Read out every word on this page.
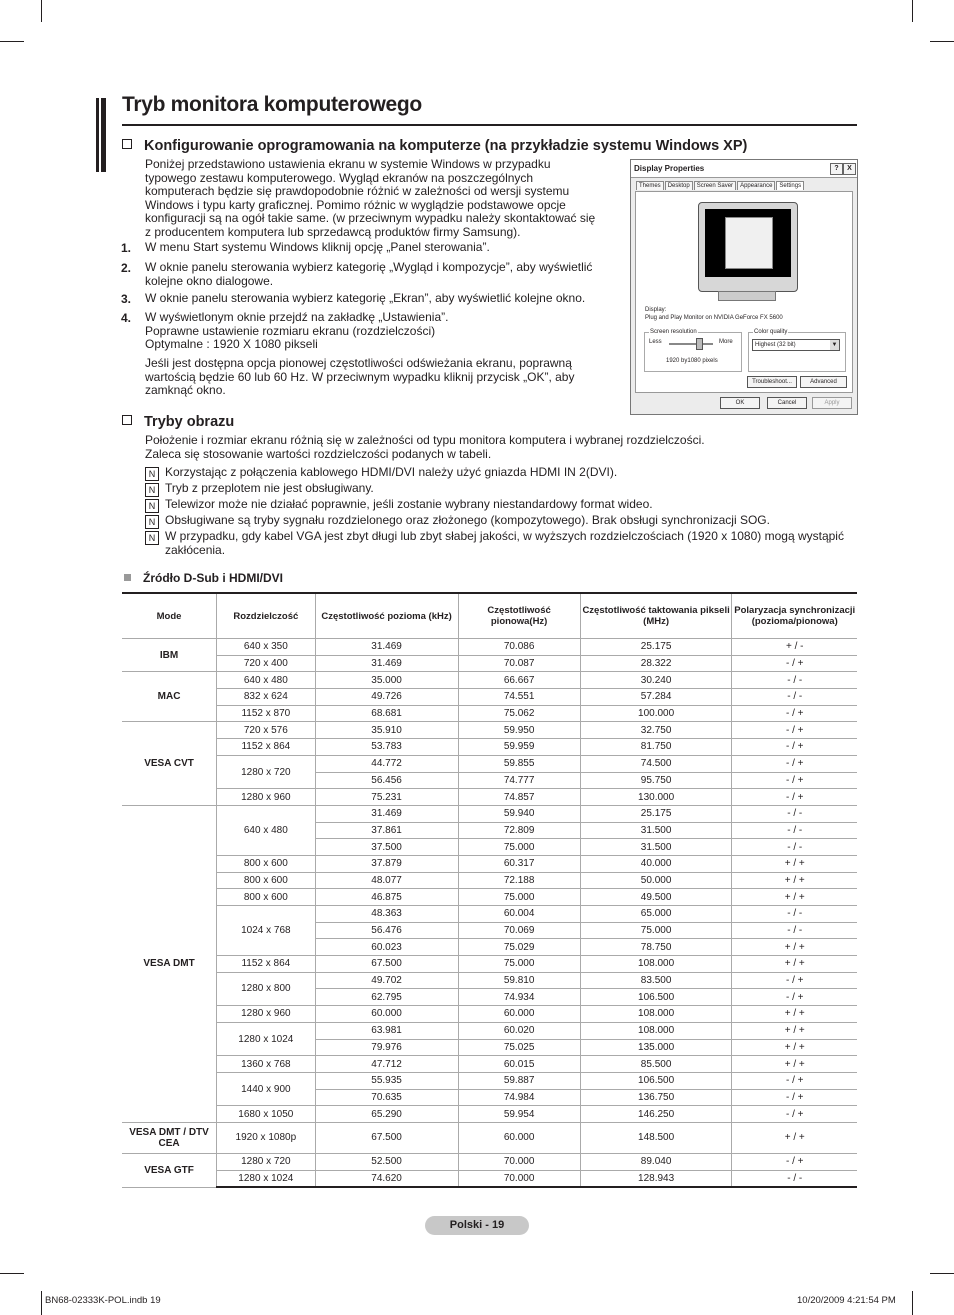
Tryb monitora komputerowego
Konfigurowanie oprogramowania na komputerze (na przykładzie systemu Windows XP)
Poniżej przedstawiono ustawienia ekranu w systemie Windows w przypadku
typowego zestawu komputerowego. Wygląd ekranów na poszczególnych
komputerach będzie się prawdopodobnie różnić w zależności od wersji systemu
Windows i typu karty graficznej. Pomimo różnic w wyglądzie podstawowe opcje
konfiguracji są na ogół takie same. (w przeciwnym wypadku należy skontaktować się
z producentem komputera lub sprzedawcą produktów firmy Samsung).
1. W menu Start systemu Windows kliknij opcję „Panel sterowania”.
2. W oknie panelu sterowania wybierz kategorię „Wygląd i kompozycje”, aby wyświetlić
kolejne okno dialogowe.
3. W oknie panelu sterowania wybierz kategorię „Ekran”, aby wyświetlić kolejne okno.
4. W wyświetlonym oknie przejdź na zakładkę „Ustawienia”.
Poprawne ustawienie rozmiaru ekranu (rozdzielczości)
Optymalne : 1920 X 1080 pikseli
Jeśli jest dostępna opcja pionowej częstotliwości odświeżania ekranu, poprawną
wartością będzie 60 lub 60 Hz. W przeciwnym wypadku kliknij przycisk „OK”, aby
zamknąć okno.
Display Properties	?	X
Themes Desktop Screen Saver Appearance Settings
Display:
Plug and Play Monitor on NVIDIA GeForce FX 5600
Screen resolution
Less	More
1920 by1080 pixels
Color quality
Highest (32 bit)	▼
Troubleshoot...	Advanced
OK	Cancel	Apply
Tryby obrazu
Położenie i rozmiar ekranu różnią się w zależności od typu monitora komputera i wybranej rozdzielczości.
Zaleca się stosowanie wartości rozdzielczości podanych w tabeli.
N Korzystając z połączenia kablowego HDMI/DVI należy użyć gniazda HDMI IN 2(DVI).
N Tryb z przeplotem nie jest obsługiwany.
N Telewizor może nie działać poprawnie, jeśli zostanie wybrany niestandardowy format wideo.
N Obsługiwane są tryby sygnału rozdzielonego oraz złożonego (kompozytowego). Brak obsługi synchronizacji SOG.
N W przypadku, gdy kabel VGA jest zbyt długi lub zbyt słabej jakości, w wyższych rozdzielczościach (1920 x 1080) mogą wystąpić
zakłócenia.
Źródło D-Sub i HDMI/DVI
Mode	Rozdzielczość	Częstotliwość pozioma (kHz)	Częstotliwość pionowa(Hz)	Częstotliwość taktowania pikseli (MHz)	Polaryzacja synchronizacji (pozioma/pionowa)
IBM	640 x 350	31.469	70.086	25.175	+ / -
	720 x 400	31.469	70.087	28.322	- / +
MAC	640 x 480	35.000	66.667	30.240	- / -
	832 x 624	49.726	74.551	57.284	- / -
	1152 x 870	68.681	75.062	100.000	- / +
VESA CVT	720 x 576	35.910	59.950	32.750	- / +
	1152 x 864	53.783	59.959	81.750	- / +
	1280 x 720	44.772	59.855	74.500	- / +
		56.456	74.777	95.750	- / +
	1280 x 960	75.231	74.857	130.000	- / +
VESA DMT	640 x 480	31.469	59.940	25.175	- / -
		37.861	72.809	31.500	- / -
		37.500	75.000	31.500	- / -
	800 x 600	37.879	60.317	40.000	+ / +
	800 x 600	48.077	72.188	50.000	+ / +
	800 x 600	46.875	75.000	49.500	+ / +
	1024 x 768	48.363	60.004	65.000	- / -
		56.476	70.069	75.000	- / -
		60.023	75.029	78.750	+ / +
	1152 x 864	67.500	75.000	108.000	+ / +
	1280 x 800	49.702	59.810	83.500	- / +
		62.795	74.934	106.500	- / +
	1280 x 960	60.000	60.000	108.000	+ / +
	1280 x 1024	63.981	60.020	108.000	+ / +
		79.976	75.025	135.000	+ / +
	1360 x 768	47.712	60.015	85.500	+ / +
	1440 x 900	55.935	59.887	106.500	- / +
		70.635	74.984	136.750	- / +
	1680 x 1050	65.290	59.954	146.250	- / +
VESA DMT / DTV CEA	1920 x 1080p	67.500	60.000	148.500	+ / +
VESA GTF	1280 x 720	52.500	70.000	89.040	- / +
	1280 x 1024	74.620	70.000	128.943	- / -
Polski - 19
BN68-02333K-POL.indb 19	10/20/2009 4:21:54 PM
